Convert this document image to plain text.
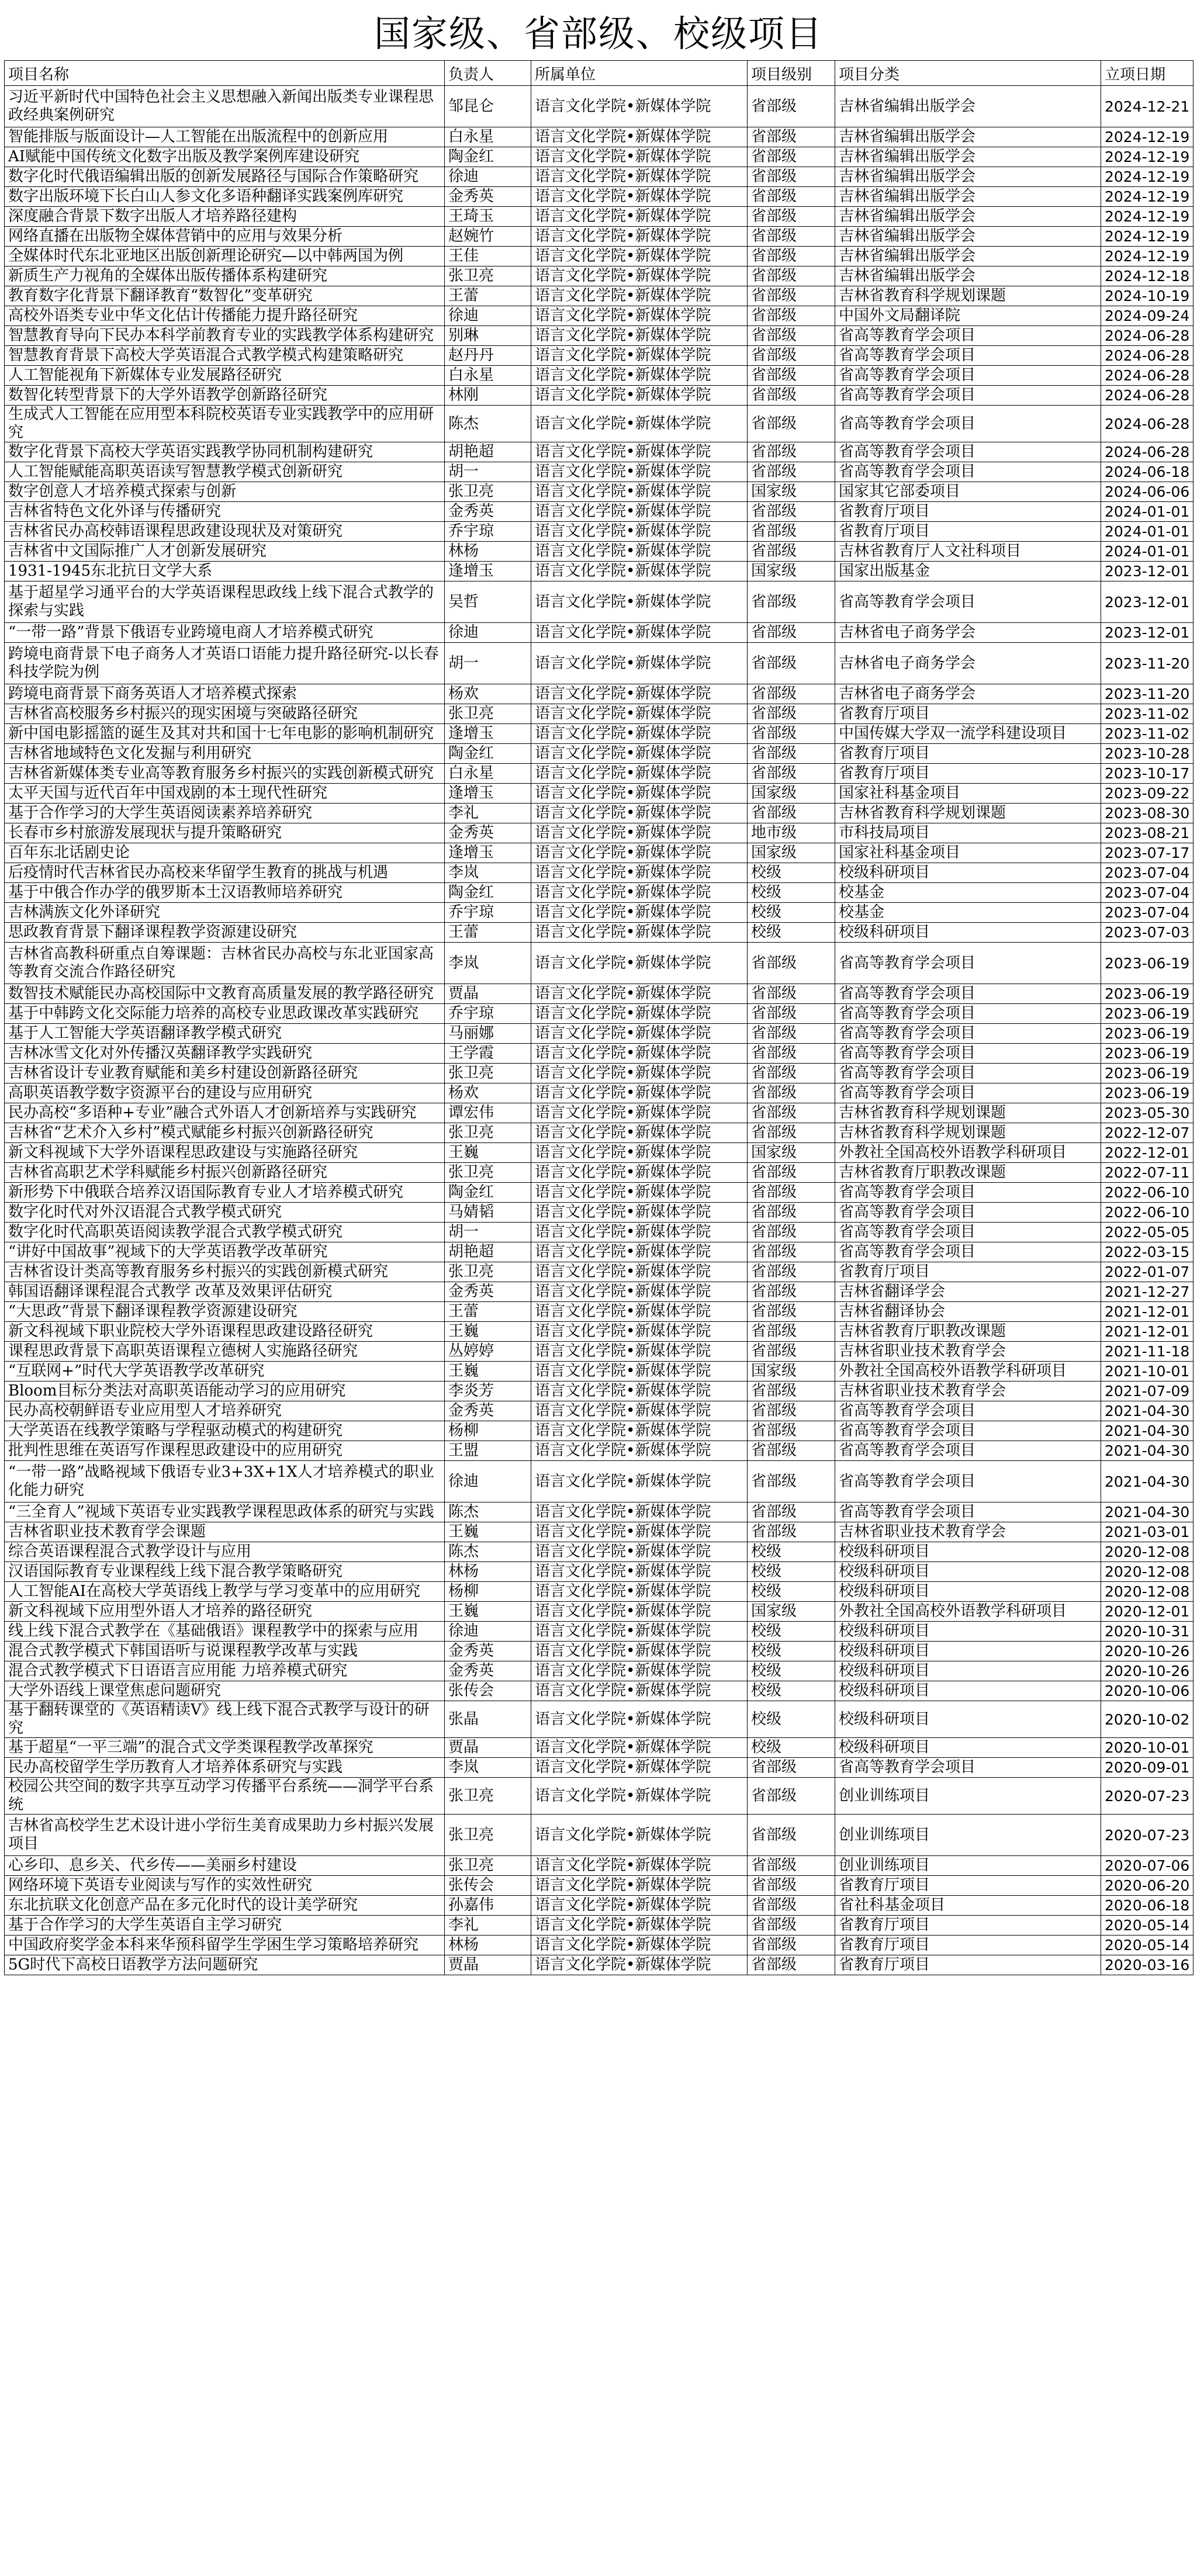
国家级、省部级、校级项目
项目名称	负责人	所属单位	项目级别	项目分类	立项日期
习近平新时代中国特色社会主义思想融入新闻出版类专业课程思政经典案例研究	邹昆仑	语言文化学院•新媒体学院	省部级	吉林省编辑出版学会	2024-12-21
智能排版与版面设计—人工智能在出版流程中的创新应用	白永星	语言文化学院•新媒体学院	省部级	吉林省编辑出版学会	2024-12-19
AI赋能中国传统文化数字出版及教学案例库建设研究	陶金红	语言文化学院•新媒体学院	省部级	吉林省编辑出版学会	2024-12-19
数字化时代俄语编辑出版的创新发展路径与国际合作策略研究	徐迪	语言文化学院•新媒体学院	省部级	吉林省编辑出版学会	2024-12-19
数字出版环境下长白山人参文化多语种翻译实践案例库研究	金秀英	语言文化学院•新媒体学院	省部级	吉林省编辑出版学会	2024-12-19
深度融合背景下数字出版人才培养路径建构	王琦玉	语言文化学院•新媒体学院	省部级	吉林省编辑出版学会	2024-12-19
网络直播在出版物全媒体营销中的应用与效果分析	赵婉竹	语言文化学院•新媒体学院	省部级	吉林省编辑出版学会	2024-12-19
全媒体时代东北亚地区出版创新理论研究—以中韩两国为例	王佳	语言文化学院•新媒体学院	省部级	吉林省编辑出版学会	2024-12-19
新质生产力视角的全媒体出版传播体系构建研究	张卫亮	语言文化学院•新媒体学院	省部级	吉林省编辑出版学会	2024-12-18
教育数字化背景下翻译教育“数智化”变革研究	王蕾	语言文化学院•新媒体学院	省部级	吉林省教育科学规划课题	2024-10-19
高校外语类专业中华文化估计传播能力提升路径研究	徐迪	语言文化学院•新媒体学院	省部级	中国外文局翻译院	2024-09-24
智慧教育导向下民办本科学前教育专业的实践教学体系构建研究	别琳	语言文化学院•新媒体学院	省部级	省高等教育学会项目	2024-06-28
智慧教育背景下高校大学英语混合式教学模式构建策略研究	赵丹丹	语言文化学院•新媒体学院	省部级	省高等教育学会项目	2024-06-28
人工智能视角下新媒体专业发展路径研究	白永星	语言文化学院•新媒体学院	省部级	省高等教育学会项目	2024-06-28
数智化转型背景下的大学外语教学创新路径研究	林刚	语言文化学院•新媒体学院	省部级	省高等教育学会项目	2024-06-28
生成式人工智能在应用型本科院校英语专业实践教学中的应用研究	陈杰	语言文化学院•新媒体学院	省部级	省高等教育学会项目	2024-06-28
数字化背景下高校大学英语实践教学协同机制构建研究	胡艳超	语言文化学院•新媒体学院	省部级	省高等教育学会项目	2024-06-28
人工智能赋能高职英语读写智慧教学模式创新研究	胡一	语言文化学院•新媒体学院	省部级	省高等教育学会项目	2024-06-18
数字创意人才培养模式探索与创新	张卫亮	语言文化学院•新媒体学院	国家级	国家其它部委项目	2024-06-06
吉林省特色文化外译与传播研究	金秀英	语言文化学院•新媒体学院	省部级	省教育厅项目	2024-01-01
吉林省民办高校韩语课程思政建设现状及对策研究	乔宇琼	语言文化学院•新媒体学院	省部级	省教育厅项目	2024-01-01
吉林省中文国际推广人才创新发展研究	林杨	语言文化学院•新媒体学院	省部级	吉林省教育厅人文社科项目	2024-01-01
1931-1945东北抗日文学大系	逢增玉	语言文化学院•新媒体学院	国家级	国家出版基金	2023-12-01
基于超星学习通平台的大学英语课程思政线上线下混合式教学的探索与实践	吴哲	语言文化学院•新媒体学院	省部级	省高等教育学会项目	2023-12-01
“一带一路”背景下俄语专业跨境电商人才培养模式研究	徐迪	语言文化学院•新媒体学院	省部级	吉林省电子商务学会	2023-12-01
跨境电商背景下电子商务人才英语口语能力提升路径研究-以长春科技学院为例	胡一	语言文化学院•新媒体学院	省部级	吉林省电子商务学会	2023-11-20
跨境电商背景下商务英语人才培养模式探索	杨欢	语言文化学院•新媒体学院	省部级	吉林省电子商务学会	2023-11-20
吉林省高校服务乡村振兴的现实困境与突破路径研究	张卫亮	语言文化学院•新媒体学院	省部级	省教育厅项目	2023-11-02
新中国电影摇篮的诞生及其对共和国十七年电影的影响机制研究	逢增玉	语言文化学院•新媒体学院	省部级	中国传媒大学双一流学科建设项目	2023-11-02
吉林省地域特色文化发掘与利用研究	陶金红	语言文化学院•新媒体学院	省部级	省教育厅项目	2023-10-28
吉林省新媒体类专业高等教育服务乡村振兴的实践创新模式研究	白永星	语言文化学院•新媒体学院	省部级	省教育厅项目	2023-10-17
太平天国与近代百年中国戏剧的本土现代性研究	逢增玉	语言文化学院•新媒体学院	国家级	国家社科基金项目	2023-09-22
基于合作学习的大学生英语阅读素养培养研究	李礼	语言文化学院•新媒体学院	省部级	吉林省教育科学规划课题	2023-08-30
长春市乡村旅游发展现状与提升策略研究	金秀英	语言文化学院•新媒体学院	地市级	市科技局项目	2023-08-21
百年东北话剧史论	逢增玉	语言文化学院•新媒体学院	国家级	国家社科基金项目	2023-07-17
后疫情时代吉林省民办高校来华留学生教育的挑战与机遇	李岚	语言文化学院•新媒体学院	校级	校级科研项目	2023-07-04
基于中俄合作办学的俄罗斯本土汉语教师培养研究	陶金红	语言文化学院•新媒体学院	校级	校基金	2023-07-04
吉林满族文化外译研究	乔宇琼	语言文化学院•新媒体学院	校级	校基金	2023-07-04
思政教育背景下翻译课程教学资源建设研究	王蕾	语言文化学院•新媒体学院	校级	校级科研项目	2023-07-03
吉林省高教科研重点自筹课题：吉林省民办高校与东北亚国家高等教育交流合作路径研究	李岚	语言文化学院•新媒体学院	省部级	省高等教育学会项目	2023-06-19
数智技术赋能民办高校国际中文教育高质量发展的教学路径研究	贾晶	语言文化学院•新媒体学院	省部级	省高等教育学会项目	2023-06-19
基于中韩跨文化交际能力培养的高校专业思政课改革实践研究	乔宇琼	语言文化学院•新媒体学院	省部级	省高等教育学会项目	2023-06-19
基于人工智能大学英语翻译教学模式研究	马丽娜	语言文化学院•新媒体学院	省部级	省高等教育学会项目	2023-06-19
吉林冰雪文化对外传播汉英翻译教学实践研究	王学霞	语言文化学院•新媒体学院	省部级	省高等教育学会项目	2023-06-19
吉林省设计专业教育赋能和美乡村建设创新路径研究	张卫亮	语言文化学院•新媒体学院	省部级	省高等教育学会项目	2023-06-19
高职英语教学数字资源平台的建设与应用研究	杨欢	语言文化学院•新媒体学院	省部级	省高等教育学会项目	2023-06-19
民办高校“多语种+专业”融合式外语人才创新培养与实践研究	谭宏伟	语言文化学院•新媒体学院	省部级	吉林省教育科学规划课题	2023-05-30
吉林省“艺术介入乡村”模式赋能乡村振兴创新路径研究	张卫亮	语言文化学院•新媒体学院	省部级	吉林省教育科学规划课题	2022-12-07
新文科视域下大学外语课程思政建设与实施路径研究	王巍	语言文化学院•新媒体学院	国家级	外教社全国高校外语教学科研项目	2022-12-01
吉林省高职艺术学科赋能乡村振兴创新路径研究	张卫亮	语言文化学院•新媒体学院	省部级	吉林省教育厅职教改课题	2022-07-11
新形势下中俄联合培养汉语国际教育专业人才培养模式研究	陶金红	语言文化学院•新媒体学院	省部级	省高等教育学会项目	2022-06-10
数字化时代对外汉语混合式教学模式研究	马婧韬	语言文化学院•新媒体学院	省部级	省高等教育学会项目	2022-06-10
数字化时代高职英语阅读教学混合式教学模式研究	胡一	语言文化学院•新媒体学院	省部级	省高等教育学会项目	2022-05-05
“讲好中国故事”视域下的大学英语教学改革研究	胡艳超	语言文化学院•新媒体学院	省部级	省高等教育学会项目	2022-03-15
吉林省设计类高等教育服务乡村振兴的实践创新模式研究	张卫亮	语言文化学院•新媒体学院	省部级	省教育厅项目	2022-01-07
韩国语翻译课程混合式教学 改革及效果评估研究	金秀英	语言文化学院•新媒体学院	省部级	吉林省翻译学会	2021-12-27
“大思政”背景下翻译课程教学资源建设研究	王蕾	语言文化学院•新媒体学院	省部级	吉林省翻译协会	2021-12-01
新文科视域下职业院校大学外语课程思政建设路径研究	王巍	语言文化学院•新媒体学院	省部级	吉林省教育厅职教改课题	2021-12-01
课程思政背景下高职英语课程立德树人实施路径研究	丛婷婷	语言文化学院•新媒体学院	省部级	吉林省职业技术教育学会	2021-11-18
“互联网+”时代大学英语教学改革研究	王巍	语言文化学院•新媒体学院	国家级	外教社全国高校外语教学科研项目	2021-10-01
Bloom目标分类法对高职英语能动学习的应用研究	李炎芳	语言文化学院•新媒体学院	省部级	吉林省职业技术教育学会	2021-07-09
民办高校朝鲜语专业应用型人才培养研究	金秀英	语言文化学院•新媒体学院	省部级	省高等教育学会项目	2021-04-30
大学英语在线教学策略与学程驱动模式的构建研究	杨柳	语言文化学院•新媒体学院	省部级	省高等教育学会项目	2021-04-30
批判性思维在英语写作课程思政建设中的应用研究	王盟	语言文化学院•新媒体学院	省部级	省高等教育学会项目	2021-04-30
“一带一路”战略视域下俄语专业3+3X+1X人才培养模式的职业化能力研究	徐迪	语言文化学院•新媒体学院	省部级	省高等教育学会项目	2021-04-30
“三全育人”视域下英语专业实践教学课程思政体系的研究与实践	陈杰	语言文化学院•新媒体学院	省部级	省高等教育学会项目	2021-04-30
吉林省职业技术教育学会课题	王巍	语言文化学院•新媒体学院	省部级	吉林省职业技术教育学会	2021-03-01
综合英语课程混合式教学设计与应用	陈杰	语言文化学院•新媒体学院	校级	校级科研项目	2020-12-08
汉语国际教育专业课程线上线下混合教学策略研究	林杨	语言文化学院•新媒体学院	校级	校级科研项目	2020-12-08
人工智能AI在高校大学英语线上教学与学习变革中的应用研究	杨柳	语言文化学院•新媒体学院	校级	校级科研项目	2020-12-08
新文科视域下应用型外语人才培养的路径研究	王巍	语言文化学院•新媒体学院	国家级	外教社全国高校外语教学科研项目	2020-12-01
线上线下混合式教学在《基础俄语》课程教学中的探索与应用	徐迪	语言文化学院•新媒体学院	校级	校级科研项目	2020-10-31
混合式教学模式下韩国语听与说课程教学改革与实践	金秀英	语言文化学院•新媒体学院	校级	校级科研项目	2020-10-26
混合式教学模式下日语语言应用能 力培养模式研究	金秀英	语言文化学院•新媒体学院	校级	校级科研项目	2020-10-26
大学外语线上课堂焦虑问题研究	张传会	语言文化学院•新媒体学院	校级	校级科研项目	2020-10-06
基于翻转课堂的《英语精读V》线上线下混合式教学与设计的研究	张晶	语言文化学院•新媒体学院	校级	校级科研项目	2020-10-02
基于超星“一平三端”的混合式文学类课程教学改革探究	贾晶	语言文化学院•新媒体学院	校级	校级科研项目	2020-10-01
民办高校留学生学历教育人才培养体系研究与实践	李岚	语言文化学院•新媒体学院	省部级	省高等教育学会项目	2020-09-01
校园公共空间的数字共享互动学习传播平台系统——洞学平台系统	张卫亮	语言文化学院•新媒体学院	省部级	创业训练项目	2020-07-23
吉林省高校学生艺术设计进小学衍生美育成果助力乡村振兴发展项目	张卫亮	语言文化学院•新媒体学院	省部级	创业训练项目	2020-07-23
心乡印、息乡关、代乡传——美丽乡村建设	张卫亮	语言文化学院•新媒体学院	省部级	创业训练项目	2020-07-06
网络环境下英语专业阅读与写作的实效性研究	张传会	语言文化学院•新媒体学院	省部级	省教育厅项目	2020-06-20
东北抗联文化创意产品在多元化时代的设计美学研究	孙嘉伟	语言文化学院•新媒体学院	省部级	省社科基金项目	2020-06-18
基于合作学习的大学生英语自主学习研究	李礼	语言文化学院•新媒体学院	省部级	省教育厅项目	2020-05-14
中国政府奖学金本科来华预科留学生学困生学习策略培养研究	林杨	语言文化学院•新媒体学院	省部级	省教育厅项目	2020-05-14
5G时代下高校日语教学方法问题研究	贾晶	语言文化学院•新媒体学院	省部级	省教育厅项目	2020-03-16
